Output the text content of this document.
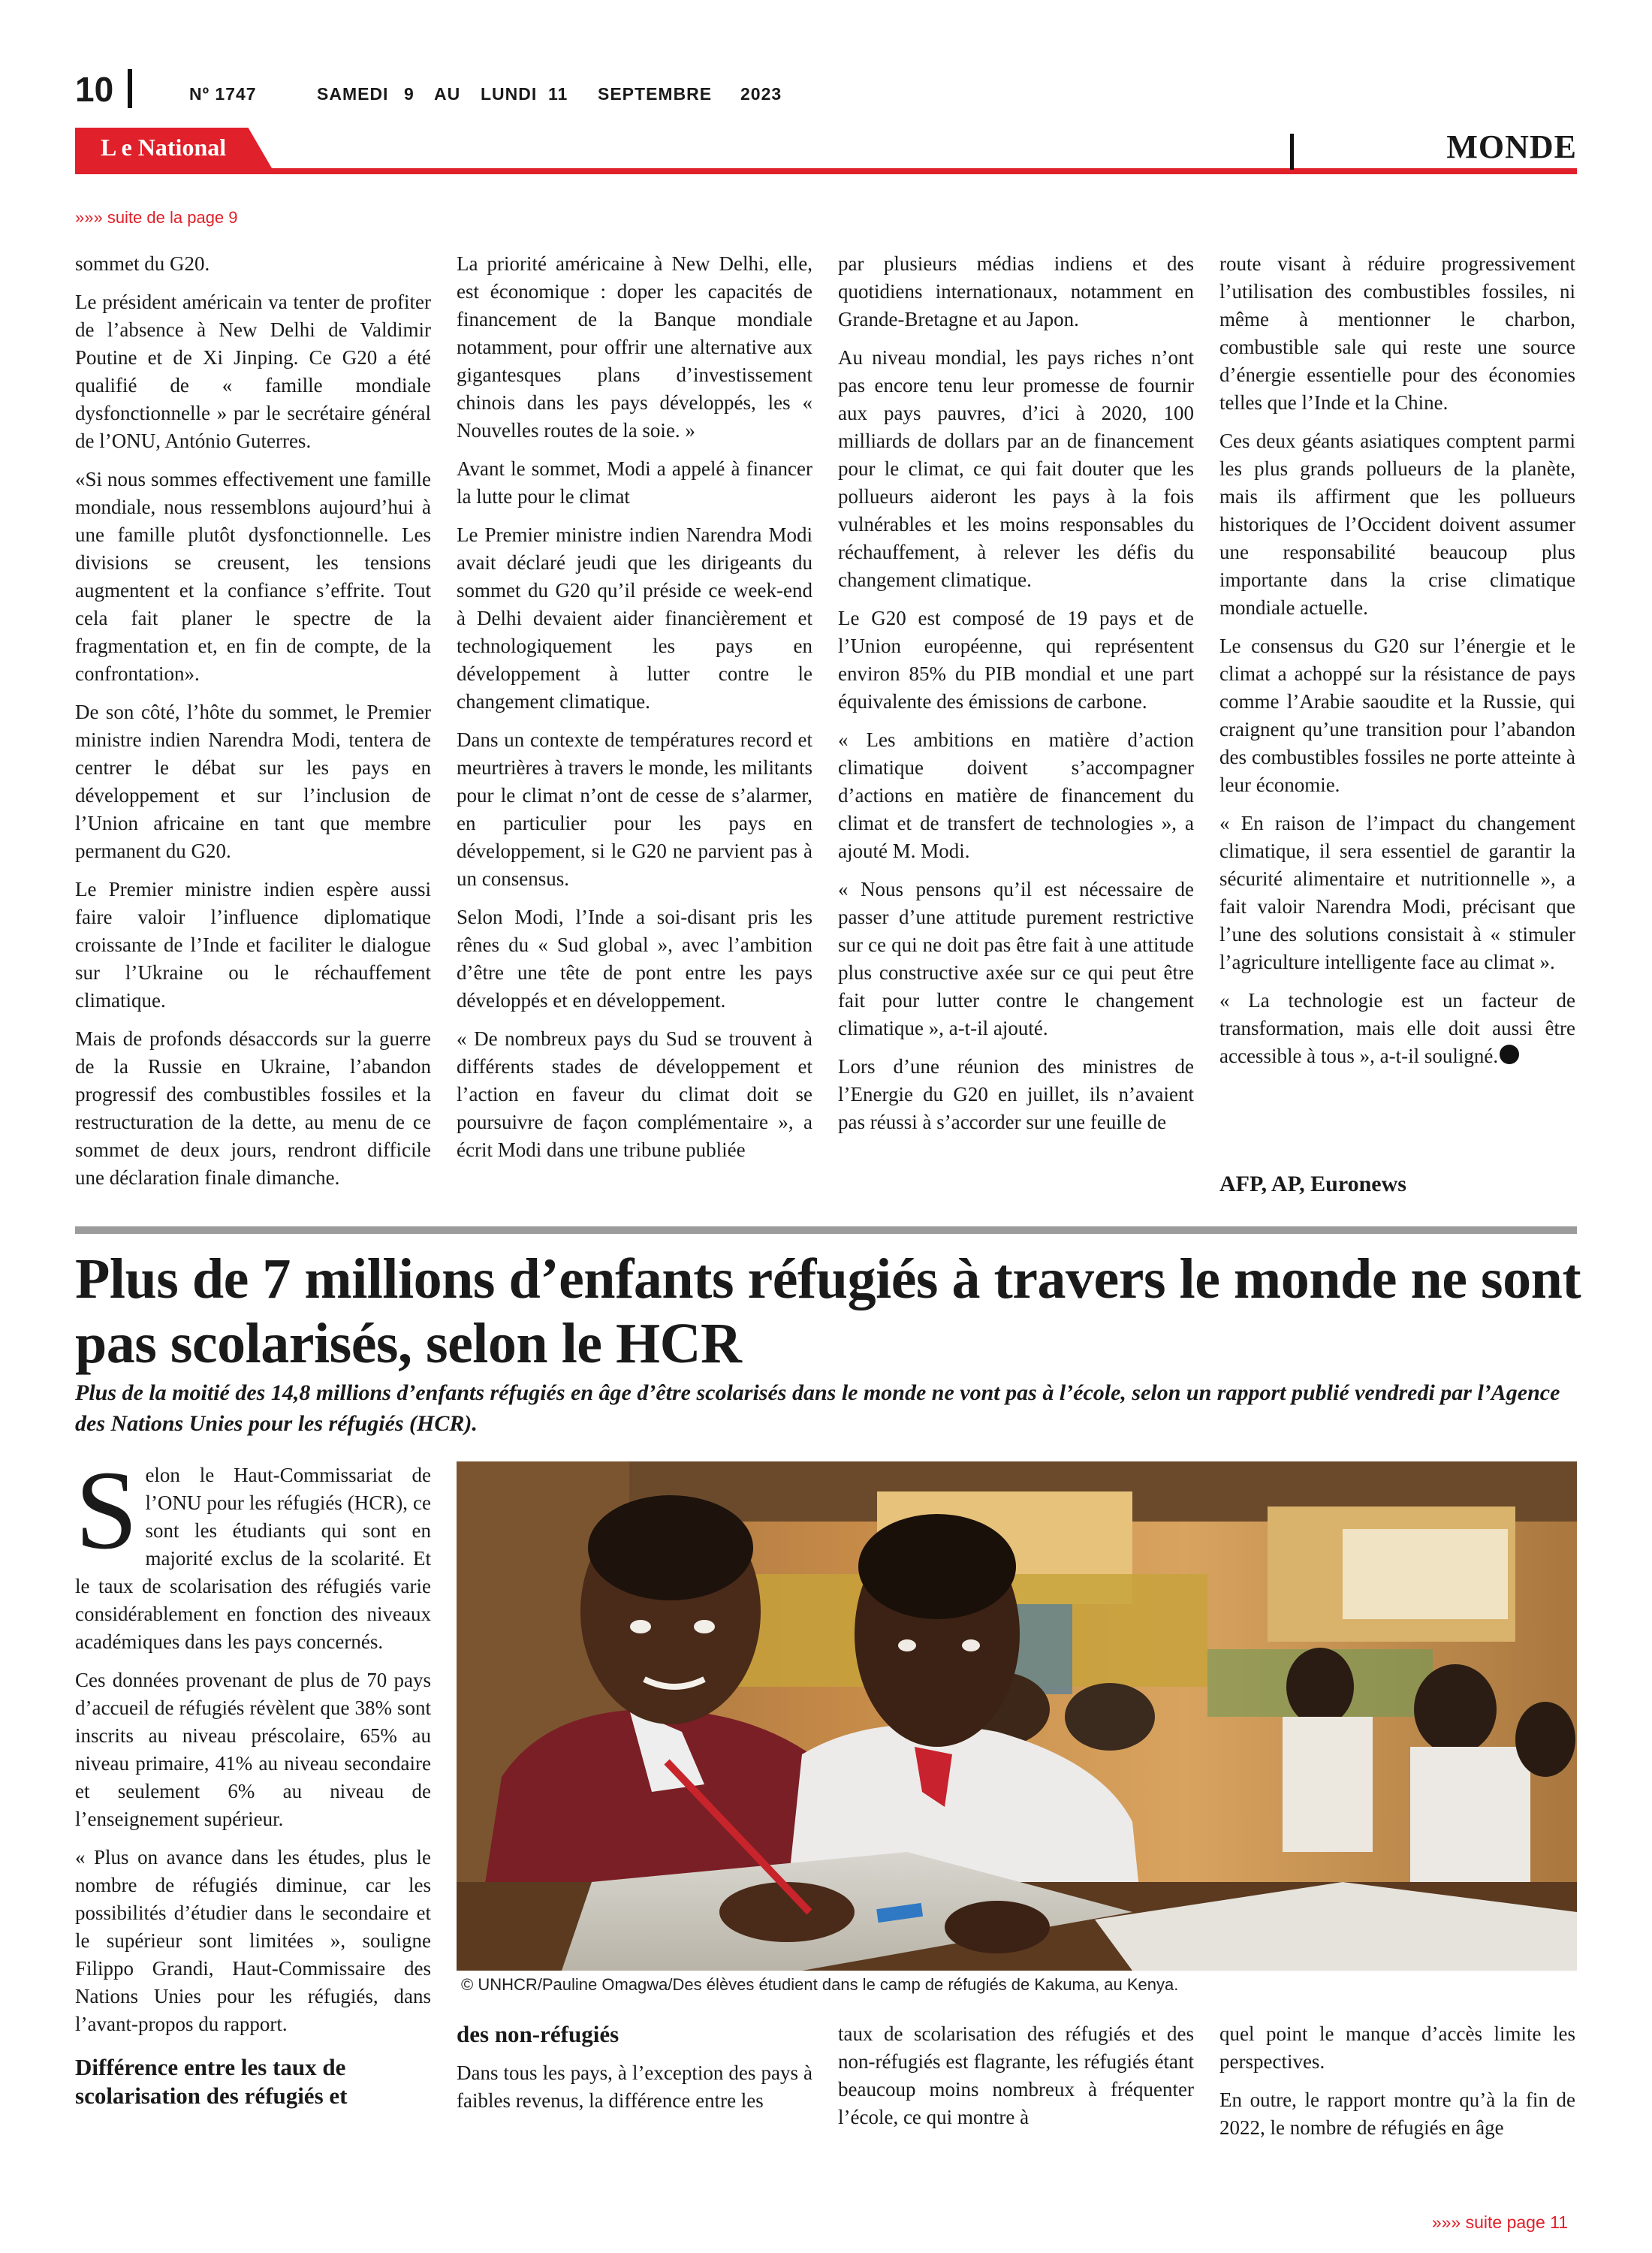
10	Nº 1747	SAMEDI 9 AU LUNDI 11 SEPTEMBRE 2023
L e National	MONDE
»»» suite de la page 9

sommet du G20.

Le président américain va tenter de profiter de l’absence à New Delhi de Valdimir Poutine et de Xi Jinping. Ce G20 a été qualifié de « famille mondiale dysfonctionnelle » par le secrétaire général de l’ONU, António Guterres.

«Si nous sommes effectivement une famille mondiale, nous ressemblons aujourd’hui à une famille plutôt dysfonctionnelle. Les divisions se creusent, les tensions augmentent et la confiance s’effrite. Tout cela fait planer le spectre de la fragmentation et, en fin de compte, de la confrontation».

De son côté, l’hôte du sommet, le Premier ministre indien Narendra Modi, tentera de centrer le débat sur les pays en développement et sur l’inclusion de l’Union africaine en tant que membre permanent du G20.

Le Premier ministre indien espère aussi faire valoir l’influence diplomatique croissante de l’Inde et faciliter le dialogue sur l’Ukraine ou le réchauffement climatique.

Mais de profonds désaccords sur la guerre de la Russie en Ukraine, l’abandon progressif des combustibles fossiles et la restructuration de la dette, au menu de ce sommet de deux jours, rendront difficile une déclaration finale dimanche.

La priorité américaine à New Delhi, elle, est économique : doper les capacités de financement de la Banque mondiale notamment, pour offrir une alternative aux gigantesques plans d’investissement chinois dans les pays développés, les « Nouvelles routes de la soie. »

Avant le sommet, Modi a appelé à financer la lutte pour le climat

Le Premier ministre indien Narendra Modi avait déclaré jeudi que les dirigeants du sommet du G20 qu’il préside ce week-end à Delhi devaient aider financièrement et technologiquement les pays en développement à lutter contre le changement climatique.

Dans un contexte de températures record et meurtrières à travers le monde, les militants pour le climat n’ont de cesse de s’alarmer, en particulier pour les pays en développement, si le G20 ne parvient pas à un consensus.

Selon Modi, l’Inde a soi-disant pris les rênes du « Sud global », avec l’ambition d’être une tête de pont entre les pays développés et en développement.

« De nombreux pays du Sud se trouvent à différents stades de développement et l’action en faveur du climat doit se poursuivre de façon complémentaire », a écrit Modi dans une tribune publiée

par plusieurs médias indiens et des quotidiens internationaux, notamment en Grande-Bretagne et au Japon.

Au niveau mondial, les pays riches n’ont pas encore tenu leur promesse de fournir aux pays pauvres, d’ici à 2020, 100 milliards de dollars par an de financement pour le climat, ce qui fait douter que les pollueurs aideront les pays à la fois vulnérables et les moins responsables du réchauffement, à relever les défis du changement climatique.

Le G20 est composé de 19 pays et de l’Union européenne, qui représentent environ 85% du PIB mondial et une part équivalente des émissions de carbone.

« Les ambitions en matière d’action climatique doivent s’accompagner d’actions en matière de financement du climat et de transfert de technologies », a ajouté M. Modi.

« Nous pensons qu’il est nécessaire de passer d’une attitude purement restrictive sur ce qui ne doit pas être fait à une attitude plus constructive axée sur ce qui peut être fait pour lutter contre le changement climatique », a-t-il ajouté.

Lors d’une réunion des ministres de l’Energie du G20 en juillet, ils n’avaient pas réussi à s’accorder sur une feuille de

route visant à réduire progressivement l’utilisation des combustibles fossiles, ni même à mentionner le charbon, combustible sale qui reste une source d’énergie essentielle pour des économies telles que l’Inde et la Chine.

Ces deux géants asiatiques comptent parmi les plus grands pollueurs de la planète, mais ils affirment que les pollueurs historiques de l’Occident doivent assumer une responsabilité beaucoup plus importante dans la crise climatique mondiale actuelle.

Le consensus du G20 sur l’énergie et le climat a achoppé sur la résistance de pays comme l’Arabie saoudite et la Russie, qui craignent qu’une transition pour l’abandon des combustibles fossiles ne porte atteinte à leur économie.

« En raison de l’impact du changement climatique, il sera essentiel de garantir la sécurité alimentaire et nutritionnelle », a fait valoir Narendra Modi, précisant que l’une des solutions consistait à « stimuler l’agriculture intelligente face au climat ».

« La technologie est un facteur de transformation, mais elle doit aussi être accessible à tous », a-t-il souligné.

AFP, AP, Euronews
Plus de 7 millions d’enfants réfugiés à travers le monde ne sont pas scolarisés, selon le HCR
Plus de la moitié des 14,8 millions d’enfants réfugiés en âge d’être scolarisés dans le monde ne vont pas à l’école, selon un rapport publié vendredi par l’Agence des Nations Unies pour les réfugiés (HCR).

Selon le Haut-Commissariat de l’ONU pour les réfugiés (HCR), ce sont les étudiants qui sont en majorité exclus de la scolarité. Et le taux de scolarisation des réfugiés varie considérablement en fonction des niveaux académiques dans les pays concernés.

Ces données provenant de plus de 70 pays d’accueil de réfugiés révèlent que 38% sont inscrits au niveau préscolaire, 65% au niveau primaire, 41% au niveau secondaire et seulement 6% au niveau de l’enseignement supérieur.

« Plus on avance dans les études, plus le nombre de réfugiés diminue, car les possibilités d’étudier dans le secondaire et le supérieur sont limitées », souligne Filippo Grandi, Haut-Commissaire des Nations Unies pour les réfugiés, dans l’avant-propos du rapport.

Différence entre les taux de scolarisation des réfugiés et

© UNHCR/Pauline Omagwa/Des élèves étudient dans le camp de réfugiés de Kakuma, au Kenya.

des non-réfugiés

Dans tous les pays, à l’exception des pays à faibles revenus, la différence entre les

taux de scolarisation des réfugiés et des non-réfugiés est flagrante, les réfugiés étant beaucoup moins nombreux à fréquenter l’école, ce qui montre à

quel point le manque d’accès limite les perspectives.

En outre, le rapport montre qu’à la fin de 2022, le nombre de réfugiés en âge

»»» suite page 11
